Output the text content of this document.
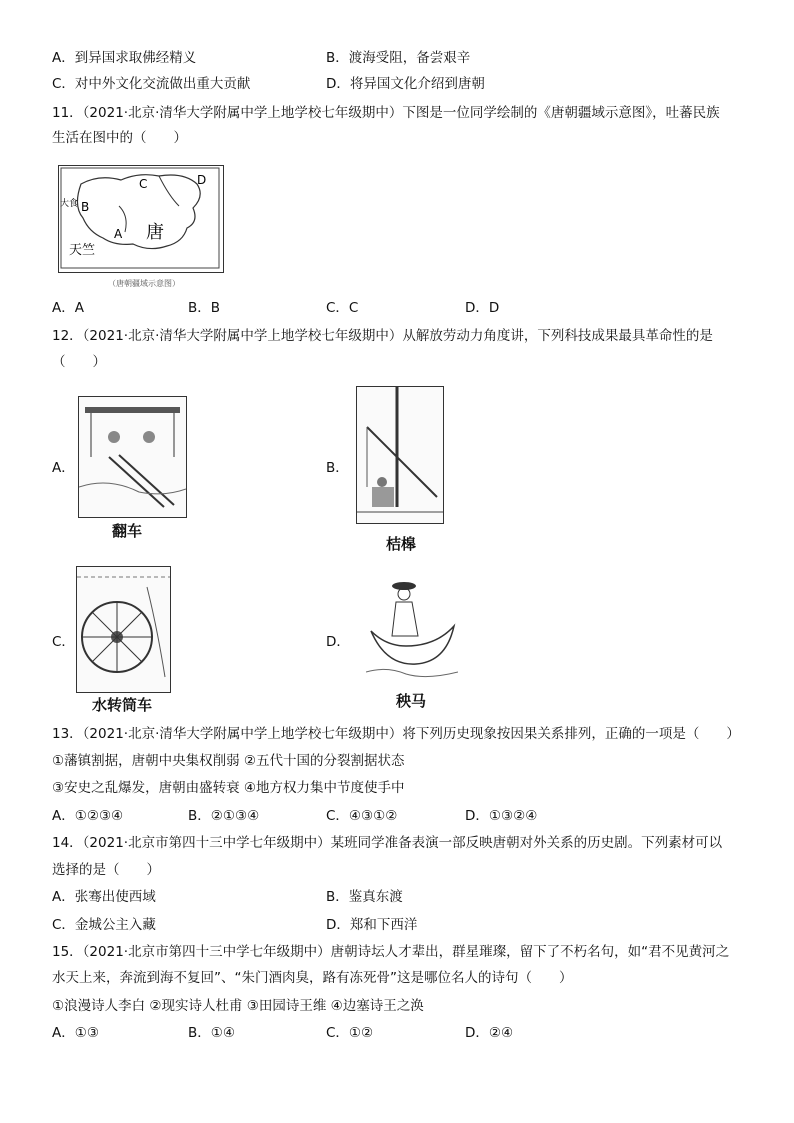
A．到异国求取佛经精义	B．渡海受阻，备尝艰辛
C．对中外文化交流做出重大贡献	D．将异国文化介绍到唐朝
11．（2021·北京·清华大学附属中学上地学校七年级期中）下图是一位同学绘制的《唐朝疆域示意图》，吐蕃民族
生活在图中的（　　）
B
A
C	D
唐
天竺
大食
（唐朝疆域示意图）
A．A	B．B	C．C	D．D
12．（2021·北京·清华大学附属中学上地学校七年级期中）从解放劳动力角度讲，下列科技成果最具革命性的是
（　　）
A．
翻车
B．
桔槔
C．
水转筒车
D．
秧马
13．（2021·北京·清华大学附属中学上地学校七年级期中）将下列历史现象按因果关系排列，正确的一项是（　　）
①藩镇割据，唐朝中央集权削弱 ②五代十国的分裂割据状态
③安史之乱爆发，唐朝由盛转衰 ④地方权力集中节度使手中
A．①②③④	B．②①③④	C．④③①②	D．①③②④
14．（2021·北京市第四十三中学七年级期中）某班同学准备表演一部反映唐朝对外关系的历史剧。下列素材可以
选择的是（　　）
A．张骞出使西域	B．鉴真东渡
C．金城公主入藏	D．郑和下西洋
15．（2021·北京市第四十三中学七年级期中）唐朝诗坛人才辈出，群星璀璨，留下了不朽名句，如“君不见黄河之
水天上来，奔流到海不复回”、“朱门酒肉臭，路有冻死骨”这是哪位名人的诗句（　　）
①浪漫诗人李白 ②现实诗人杜甫 ③田园诗王维 ④边塞诗王之涣
A．①③	B．①④	C．①②	D．②④
